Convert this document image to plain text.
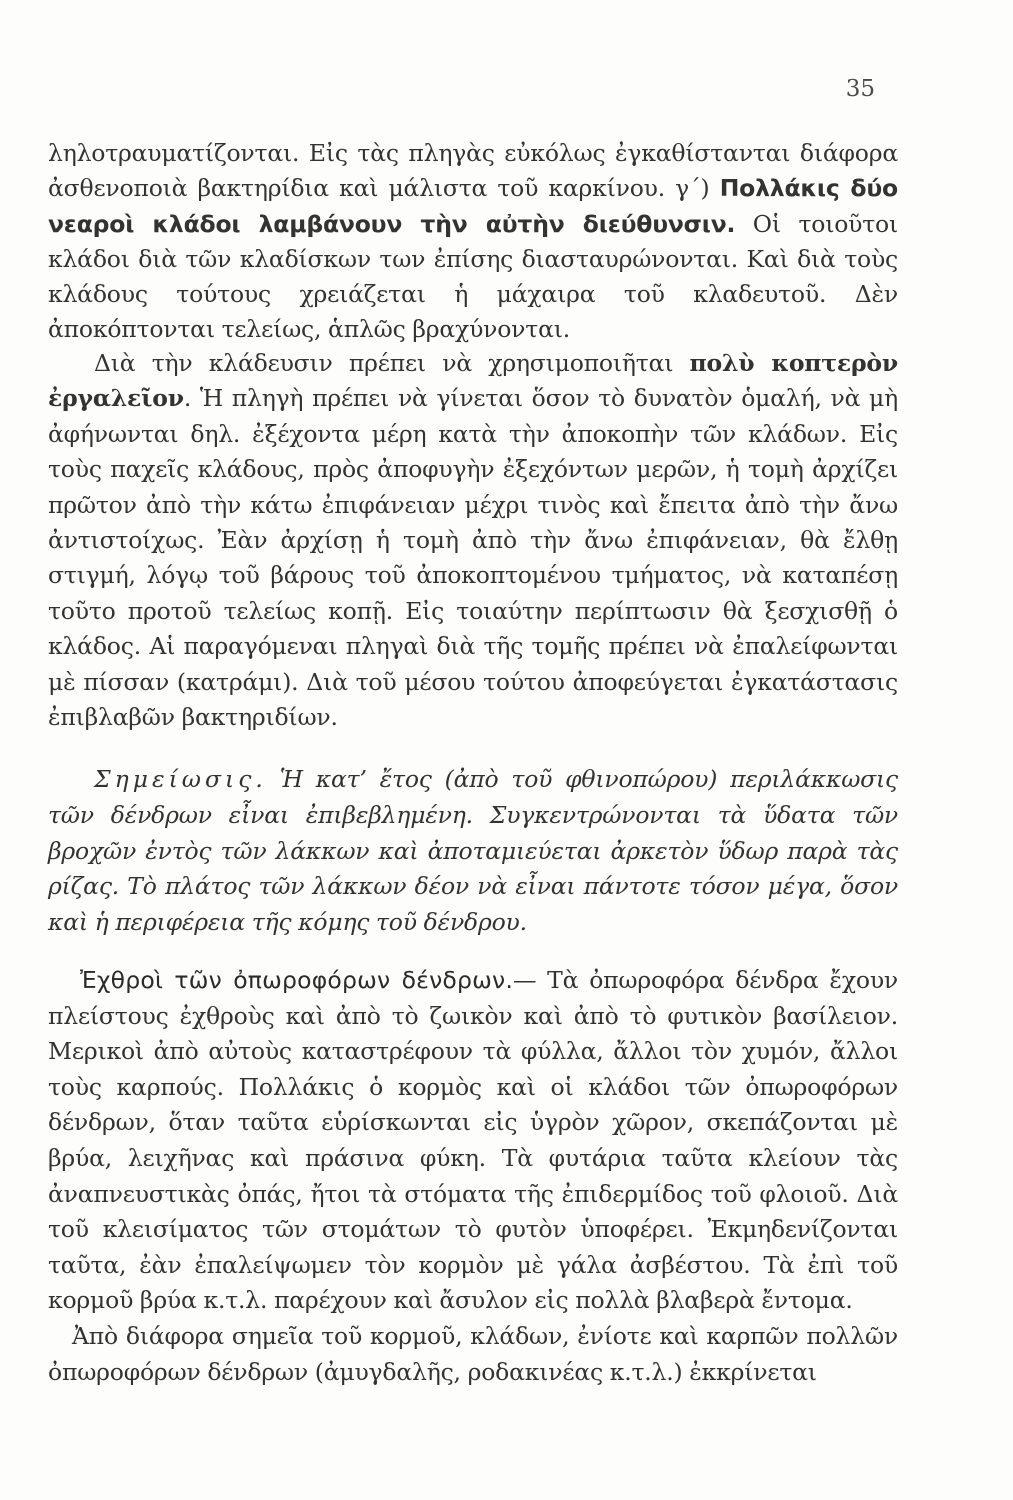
35

ληλοτραυματίζονται. Εἰς τὰς πληγὰς εὐκόλως ἐγκαθίστανται διάφορα ἀσθενοποιὰ βακτηρίδια καὶ μάλιστα τοῦ καρκίνου. γ΄) Πολλάκις δύο νεαροὶ κλάδοι λαμβάνουν τὴν αὐτὴν διεύθυνσιν. Οἱ τοιοῦτοι κλάδοι διὰ τῶν κλαδίσκων των ἐπίσης διασταυρώνονται. Καὶ διὰ τοὺς κλάδους τούτους χρειάζεται ἡ μάχαιρα τοῦ κλαδευτοῦ. Δὲν ἀποκόπτονται τελείως, ἁπλῶς βραχύνονται.

Διὰ τὴν κλάδευσιν πρέπει νὰ χρησιμοποιῆται πολὺ κοπτερὸν ἐργαλεῖον. Ἡ πληγὴ πρέπει νὰ γίνεται ὅσον τὸ δυνατὸν ὁμαλή, νὰ μὴ ἀφήνωνται δηλ. ἐξέχοντα μέρη κατὰ τὴν ἀποκοπὴν τῶν κλάδων. Εἰς τοὺς παχεῖς κλάδους, πρὸς ἀποφυγὴν ἐξεχόντων μερῶν, ἡ τομὴ ἀρχίζει πρῶτον ἀπὸ τὴν κάτω ἐπιφάνειαν μέχρι τινὸς καὶ ἔπειτα ἀπὸ τὴν ἄνω ἀντιστοίχως. Ἐὰν ἀρχίσῃ ἡ τομὴ ἀπὸ τὴν ἄνω ἐπιφάνειαν, θὰ ἔλθῃ στιγμή, λόγῳ τοῦ βάρους τοῦ ἀποκοπτομένου τμήματος, νὰ καταπέσῃ τοῦτο προτοῦ τελείως κοπῇ. Εἰς τοιαύτην περίπτωσιν θὰ ξεσχισθῇ ὁ κλάδος. Αἱ παραγόμεναι πληγαὶ διὰ τῆς τομῆς πρέπει νὰ ἐπαλείφωνται μὲ πίσσαν (κατράμι). Διὰ τοῦ μέσου τούτου ἀποφεύγεται ἐγκατάστασις ἐπιβλαβῶν βακτηριδίων.

Σημείωσις. Ἡ κατ’ ἔτος (ἀπὸ τοῦ φθινοπώρου) περιλάκκωσις τῶν δένδρων εἶναι ἐπιβεβλημένη. Συγκεντρώνονται τὰ ὕδατα τῶν βροχῶν ἐντὸς τῶν λάκκων καὶ ἀποταμιεύεται ἀρκετὸν ὕδωρ παρὰ τὰς ρίζας. Τὸ πλάτος τῶν λάκκων δέον νὰ εἶναι πάντοτε τόσον μέγα, ὅσον καὶ ἡ περιφέρεια τῆς κόμης τοῦ δένδρου.

Ἐχθροὶ τῶν ὀπωροφόρων δένδρων.— Τὰ ὀπωροφόρα δένδρα ἔχουν πλείστους ἐχθροὺς καὶ ἀπὸ τὸ ζωικὸν καὶ ἀπὸ τὸ φυτικὸν βασίλειον. Μερικοὶ ἀπὸ αὐτοὺς καταστρέφουν τὰ φύλλα, ἄλλοι τὸν χυμόν, ἄλλοι τοὺς καρπούς. Πολλάκις ὁ κορμὸς καὶ οἱ κλάδοι τῶν ὀπωροφόρων δένδρων, ὅταν ταῦτα εὑρίσκωνται εἰς ὑγρὸν χῶρον, σκεπάζονται μὲ βρύα, λειχῆνας καὶ πράσινα φύκη. Τὰ φυτάρια ταῦτα κλείουν τὰς ἀναπνευστικὰς ὀπάς, ἤτοι τὰ στόματα τῆς ἐπιδερμίδος τοῦ φλοιοῦ. Διὰ τοῦ κλεισίματος τῶν στομάτων τὸ φυτὸν ὑποφέρει. Ἐκμηδενίζονται ταῦτα, ἐὰν ἐπαλείψωμεν τὸν κορμὸν μὲ γάλα ἀσβέστου. Τὰ ἐπὶ τοῦ κορμοῦ βρύα κ.τ.λ. παρέχουν καὶ ἄσυλον εἰς πολλὰ βλαβερὰ ἔντομα.

Ἀπὸ διάφορα σημεῖα τοῦ κορμοῦ, κλάδων, ἐνίοτε καὶ καρπῶν πολλῶν ὀπωροφόρων δένδρων (ἀμυγδαλῆς, ροδακινέας κ.τ.λ.) ἐκκρίνεται
